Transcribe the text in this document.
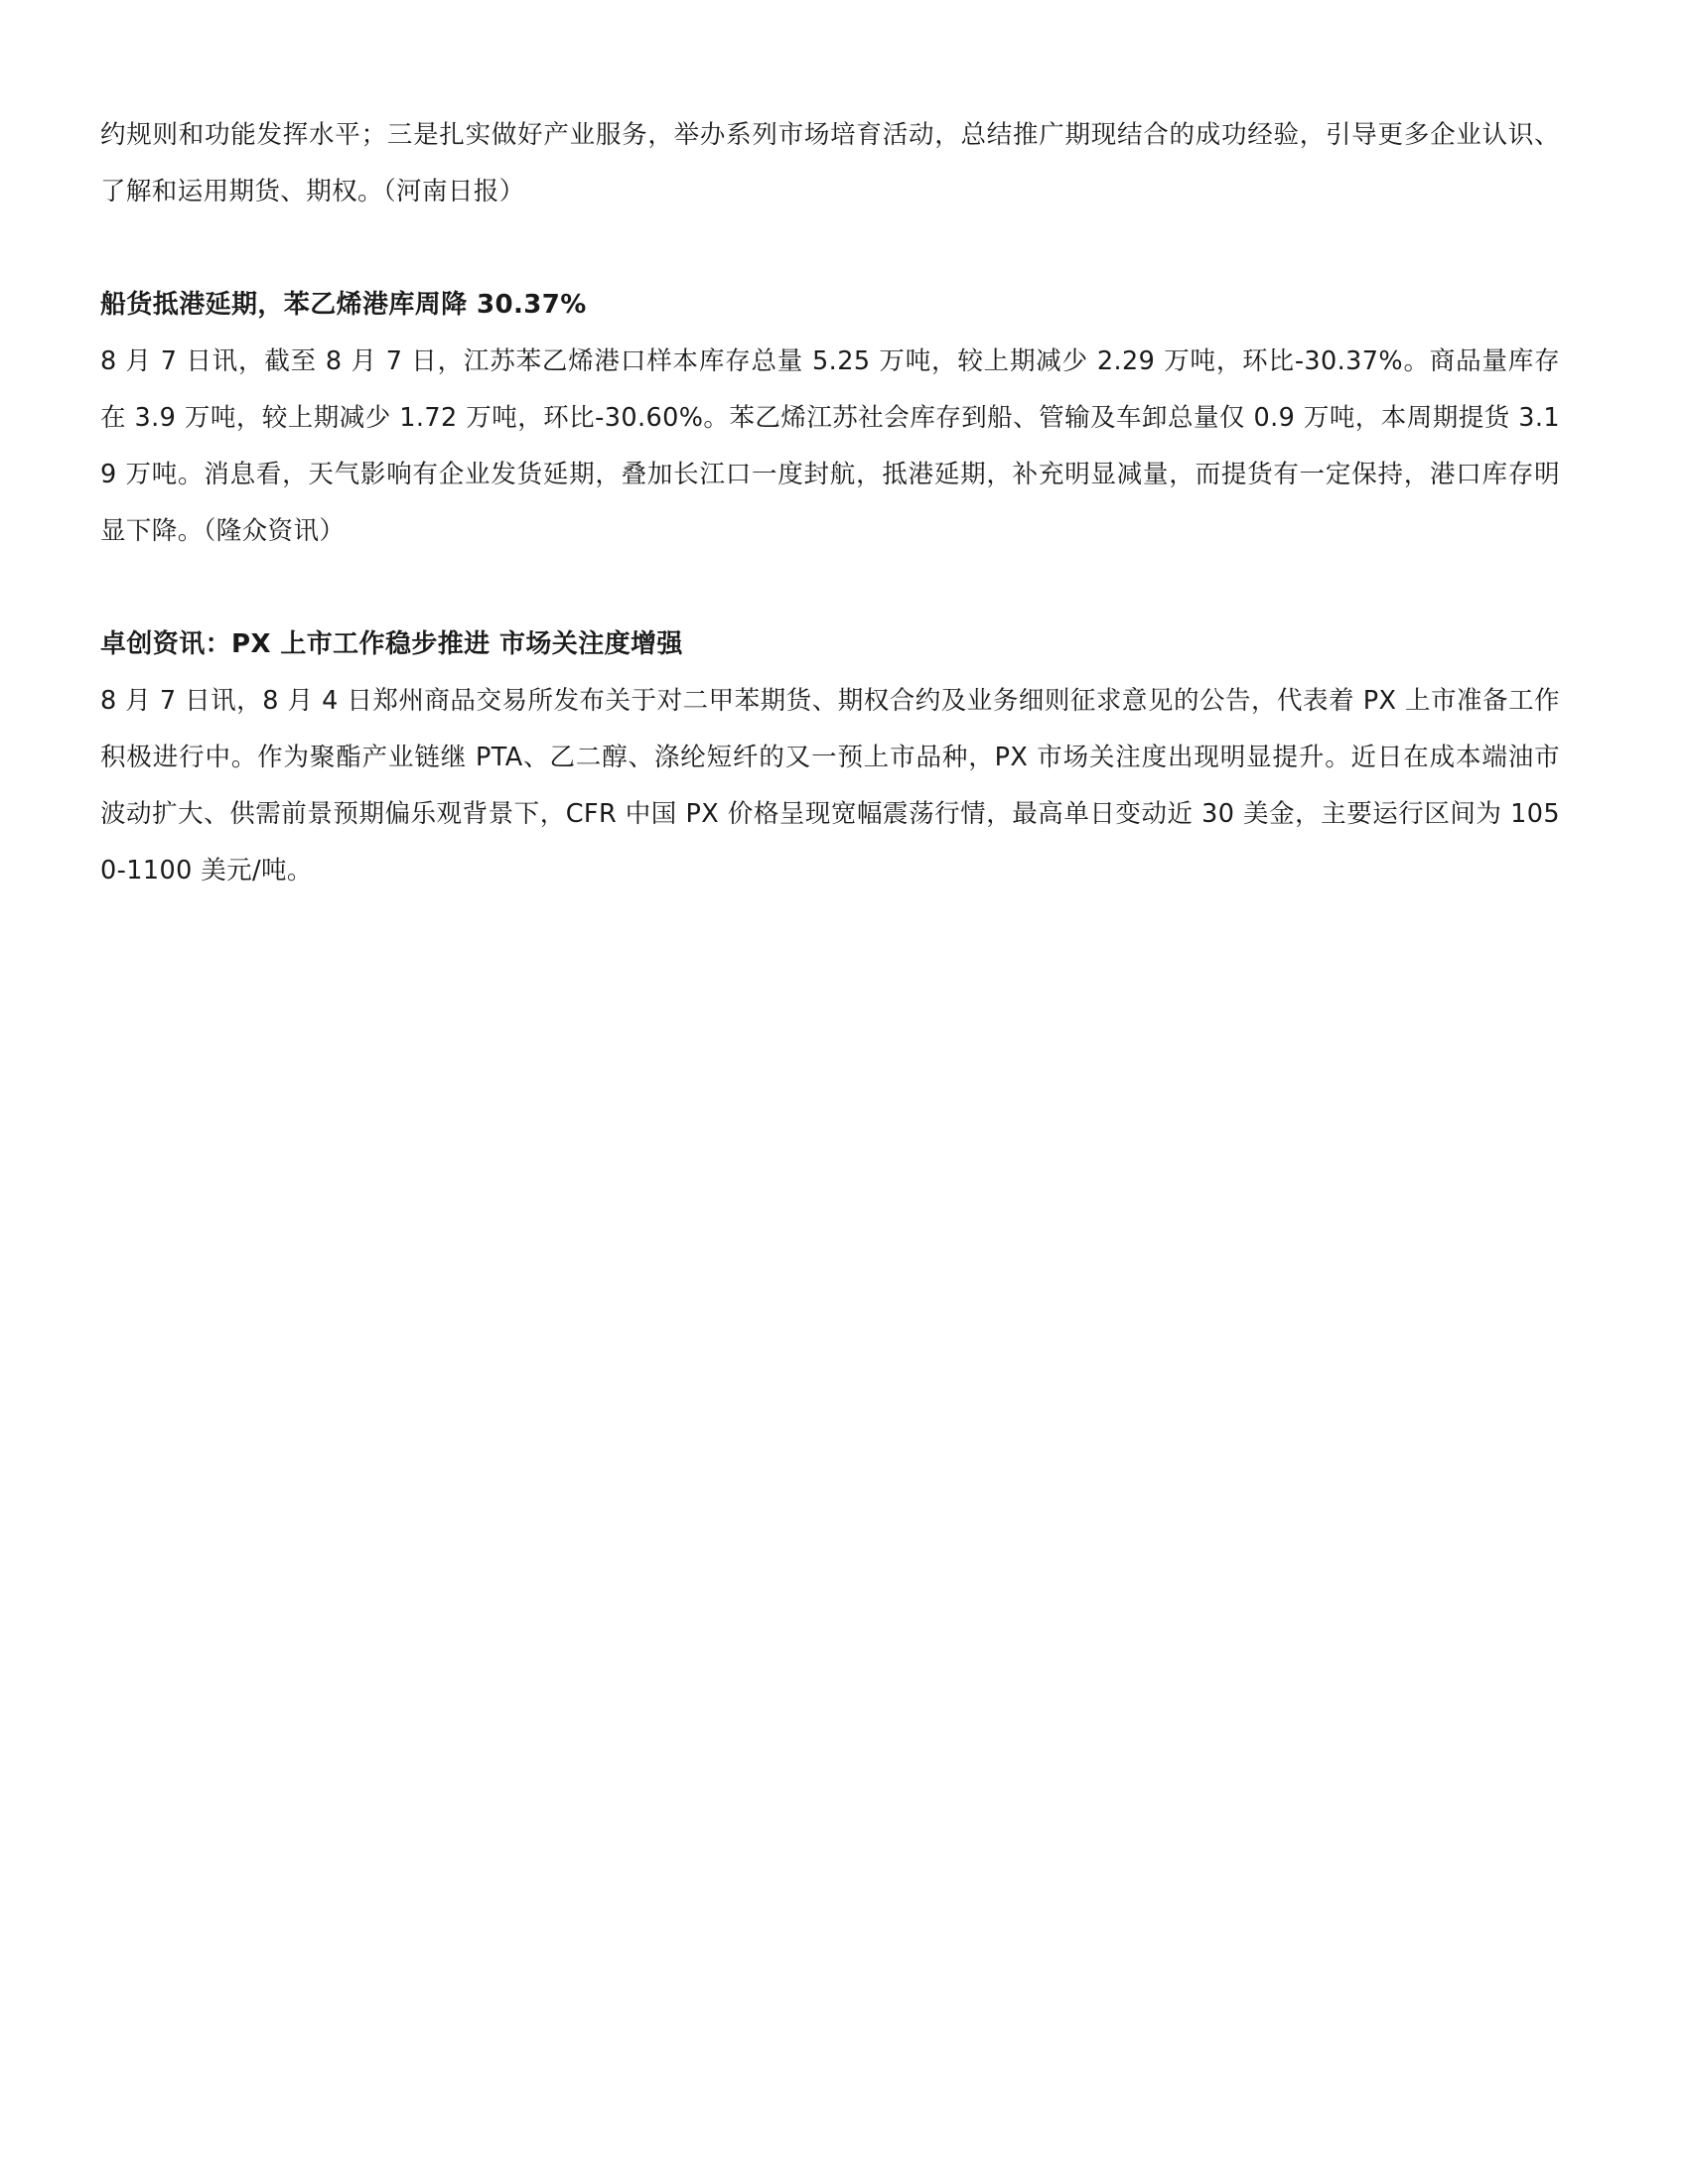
约规则和功能发挥水平；三是扎实做好产业服务，举办系列市场培育活动，总结推广期现结合的成功经验，引导更多企业认识、了解和运用期货、期权。（河南日报）

船货抵港延期，苯乙烯港库周降 30.37%

8 月 7 日讯，截至 8 月 7 日，江苏苯乙烯港口样本库存总量 5.25 万吨，较上期减少 2.29 万吨，环比-30.37%。商品量库存在 3.9 万吨，较上期减少 1.72 万吨，环比-30.60%。苯乙烯江苏社会库存到船、管输及车卸总量仅 0.9 万吨，本周期提货 3.19 万吨。消息看，天气影响有企业发货延期，叠加长江口一度封航，抵港延期，补充明显减量，而提货有一定保持，港口库存明显下降。（隆众资讯）

卓创资讯：PX 上市工作稳步推进 市场关注度增强

8 月 7 日讯，8 月 4 日郑州商品交易所发布关于对二甲苯期货、期权合约及业务细则征求意见的公告，代表着 PX 上市准备工作积极进行中。作为聚酯产业链继 PTA、乙二醇、涤纶短纤的又一预上市品种，PX 市场关注度出现明显提升。近日在成本端油市波动扩大、供需前景预期偏乐观背景下，CFR 中国 PX 价格呈现宽幅震荡行情，最高单日变动近 30 美金，主要运行区间为 1050-1100 美元/吨。
